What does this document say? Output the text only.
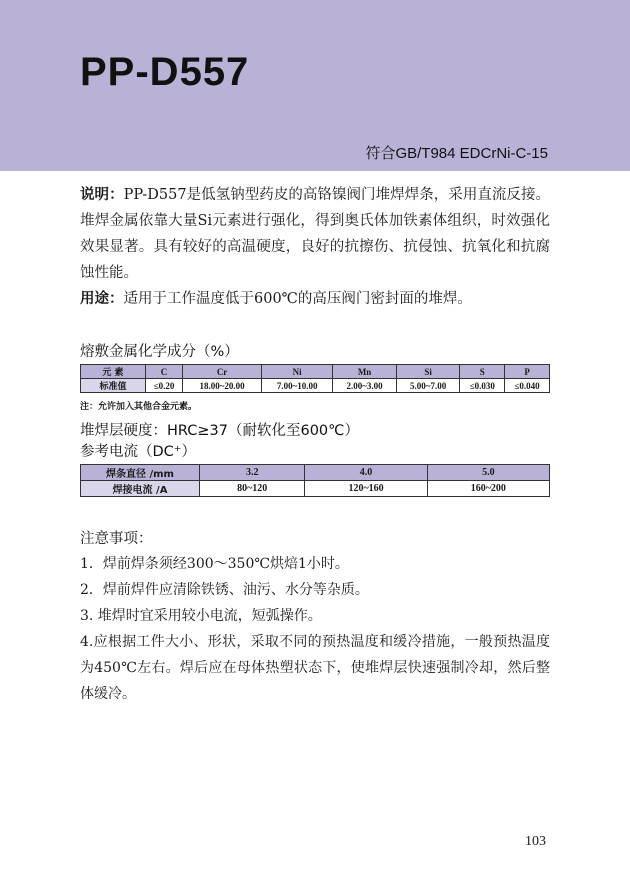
PP-D557
符合GB/T984 EDCrNi-C-15

说明：PP-D557是低氢钠型药皮的高铬镍阀门堆焊焊条，采用直流反接。堆焊金属依靠大量Si元素进行强化，得到奥氏体加铁素体组织，时效强化效果显著。具有较好的高温硬度，良好的抗擦伤、抗侵蚀、抗氧化和抗腐蚀性能。

用途：适用于工作温度低于600℃的高压阀门密封面的堆焊。

熔敷金属化学成分（%）
元 素	C	Cr	Ni	Mn	Si	S	P
标准值	≤0.20	18.00~20.00	7.00~10.00	2.00~3.00	5.00~7.00	≤0.030	≤0.040
注：允许加入其他合金元素。
堆焊层硬度：HRC≥37（耐软化至600℃）
参考电流（DC⁺）
焊条直径 /mm	3.2	4.0	5.0
焊接电流 /A	80~120	120~160	160~200
注意事项：
1．焊前焊条须经300～350℃烘焙1小时。
2．焊前焊件应清除铁锈、油污、水分等杂质。
3. 堆焊时宜采用较小电流，短弧操作。
4.应根据工件大小、形状，采取不同的预热温度和缓冷措施，一般预热温度为450℃左右。焊后应在母体热塑状态下，使堆焊层快速强制冷却，然后整体缓冷。
103
